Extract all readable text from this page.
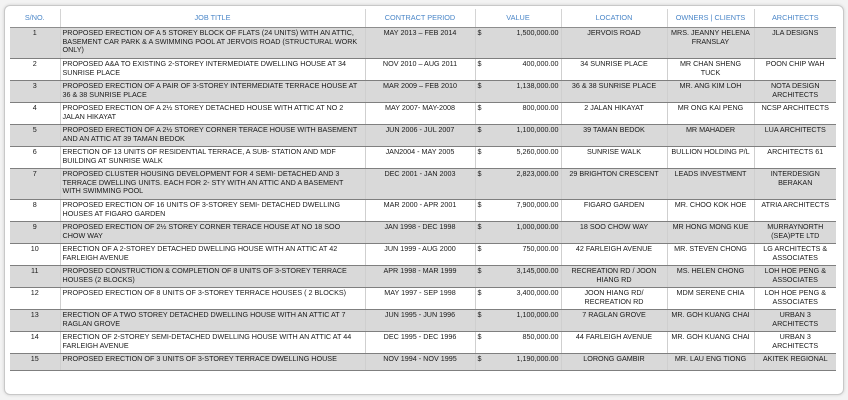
S/NO.	JOB TITLE	CONTRACT PERIOD	VALUE	LOCATION	OWNERS | CLIENTS	ARCHITECTS
1	PROPOSED ERECTION OF A 5 STOREY BLOCK OF FLATS (24 UNITS) WITH AN ATTIC, BASEMENT CAR PARK & A SWIMMING POOL AT JERVOIS ROAD (STRUCTURAL WORK ONLY)	MAY 2013 – FEB 2014	$ 1,500,000.00	JERVOIS ROAD	MRS. JEANNY HELENA FRANSLAY	JLA DESIGNS
2	PROPOSED A&A TO EXISTING 2-STOREY INTERMEDIATE DWELLING HOUSE AT 34 SUNRISE PLACE	NOV 2010 – AUG 2011	$ 400,000.00	34 SUNRISE PLACE	MR CHAN SHENG TUCK	POON CHIP WAH
3	PROPOSED ERECTION OF A PAIR OF 3-STOREY INTERMEDIATE TERRACE HOUSE AT 36 & 38 SUNRISE PLACE	MAR 2009 – FEB 2010	$ 1,138,000.00	36 & 38 SUNRISE PLACE	MR. ANG KIM LOH	NOTA DESIGN ARCHITECTS
4	PROPOSED ERECTION OF A 2½ STOREY DETACHED HOUSE WITH ATTIC AT NO 2 JALAN HIKAYAT	MAY 2007- MAY-2008	$ 800,000.00	2 JALAN HIKAYAT	MR ONG KAI PENG	NCSP ARCHITECTS
5	PROPOSED ERECTION OF A 2½ STOREY CORNER TERACE HOUSE WITH BASEMENT AND AN ATTIC AT 39 TAMAN BEDOK	JUN 2006 - JUL 2007	$ 1,100,000.00	39 TAMAN BEDOK	MR MAHADER	LUA ARCHITECTS
6	ERECTION OF 13 UNITS OF RESIDENTIAL TERRACE, A SUB- STATION AND MDF BUILDING AT SUNRISE WALK	JAN2004 - MAY 2005	$ 5,260,000.00	SUNRISE WALK	BULLION HOLDING P/L	ARCHITECTS 61
7	PROPOSED CLUSTER HOUSING DEVELOPMENT FOR 4 SEMI- DETACHED AND 3 TERRACE DWELLING UNITS. EACH FOR 2- STY WITH AN ATTIC AND A BASEMENT WITH SWIMMING POOL	DEC 2001 - JAN 2003	$ 2,823,000.00	29 BRIGHTON CRESCENT	LEADS INVESTMENT	INTERDESIGN BERAKAN
8	PROPOSED ERECTION OF 16 UNITS OF 3-STOREY SEMI- DETACHED DWELLING HOUSES AT FIGARO GARDEN	MAR 2000 - APR 2001	$ 7,900,000.00	FIGARO GARDEN	MR. CHOO KOK HOE	ATRIA ARCHITECTS
9	PROPOSED ERECTION OF 2½ STOREY CORNER TERACE HOUSE AT NO 18 SOO CHOW WAY	JAN 1998 - DEC 1998	$ 1,000,000.00	18 SOO CHOW WAY	MR HONG MONG KUE	MURRAYNORTH (SEA)PTE LTD
10	ERECTION OF A 2-STOREY DETACHED DWELLING HOUSE WITH AN ATTIC AT 42 FARLEIGH AVENUE	JUN 1999 - AUG 2000	$ 750,000.00	42 FARLEIGH AVENUE	MR. STEVEN CHONG	LG ARCHITECTS & ASSOCIATES
11	PROPOSED CONSTRUCTION & COMPLETION OF 8 UNITS OF 3-STOREY TERRACE HOUSES (2 BLOCKS)	APR 1998 - MAR 1999	$ 3,145,000.00	RECREATION RD / JOON HIANG RD	MS. HELEN CHONG	LOH HOE PENG & ASSOCIATES
12	PROPOSED ERECTION OF 8 UNITS OF 3-STOREY TERRACE HOUSES ( 2 BLOCKS)	MAY 1997 - SEP 1998	$ 3,400,000.00	JOON HIANG RD/ RECREATION RD	MDM SERENE CHIA	LOH HOE PENG & ASSOCIATES
13	ERECTION OF A TWO STOREY DETACHED DWELLING HOUSE WITH AN ATTIC AT 7 RAGLAN GROVE	JUN 1995 - JUN 1996	$ 1,100,000.00	7 RAGLAN GROVE	MR. GOH KUANG CHAI	URBAN 3 ARCHITECTS
14	ERECTION OF 2-STOREY SEMI-DETACHED DWELLING HOUSE WITH AN ATTIC AT 44 FARLEIGH AVENUE	DEC 1995 - DEC 1996	$ 850,000.00	44 FARLEIGH AVENUE	MR. GOH KUANG CHAI	URBAN 3 ARCHITECTS
15	PROPOSED ERECTION OF 3 UNITS OF 3-STOREY TERRACE DWELLING HOUSE	NOV 1994 - NOV 1995	$ 1,190,000.00	LORONG GAMBIR	MR. LAU ENG TIONG	AKITEK REGIONAL
